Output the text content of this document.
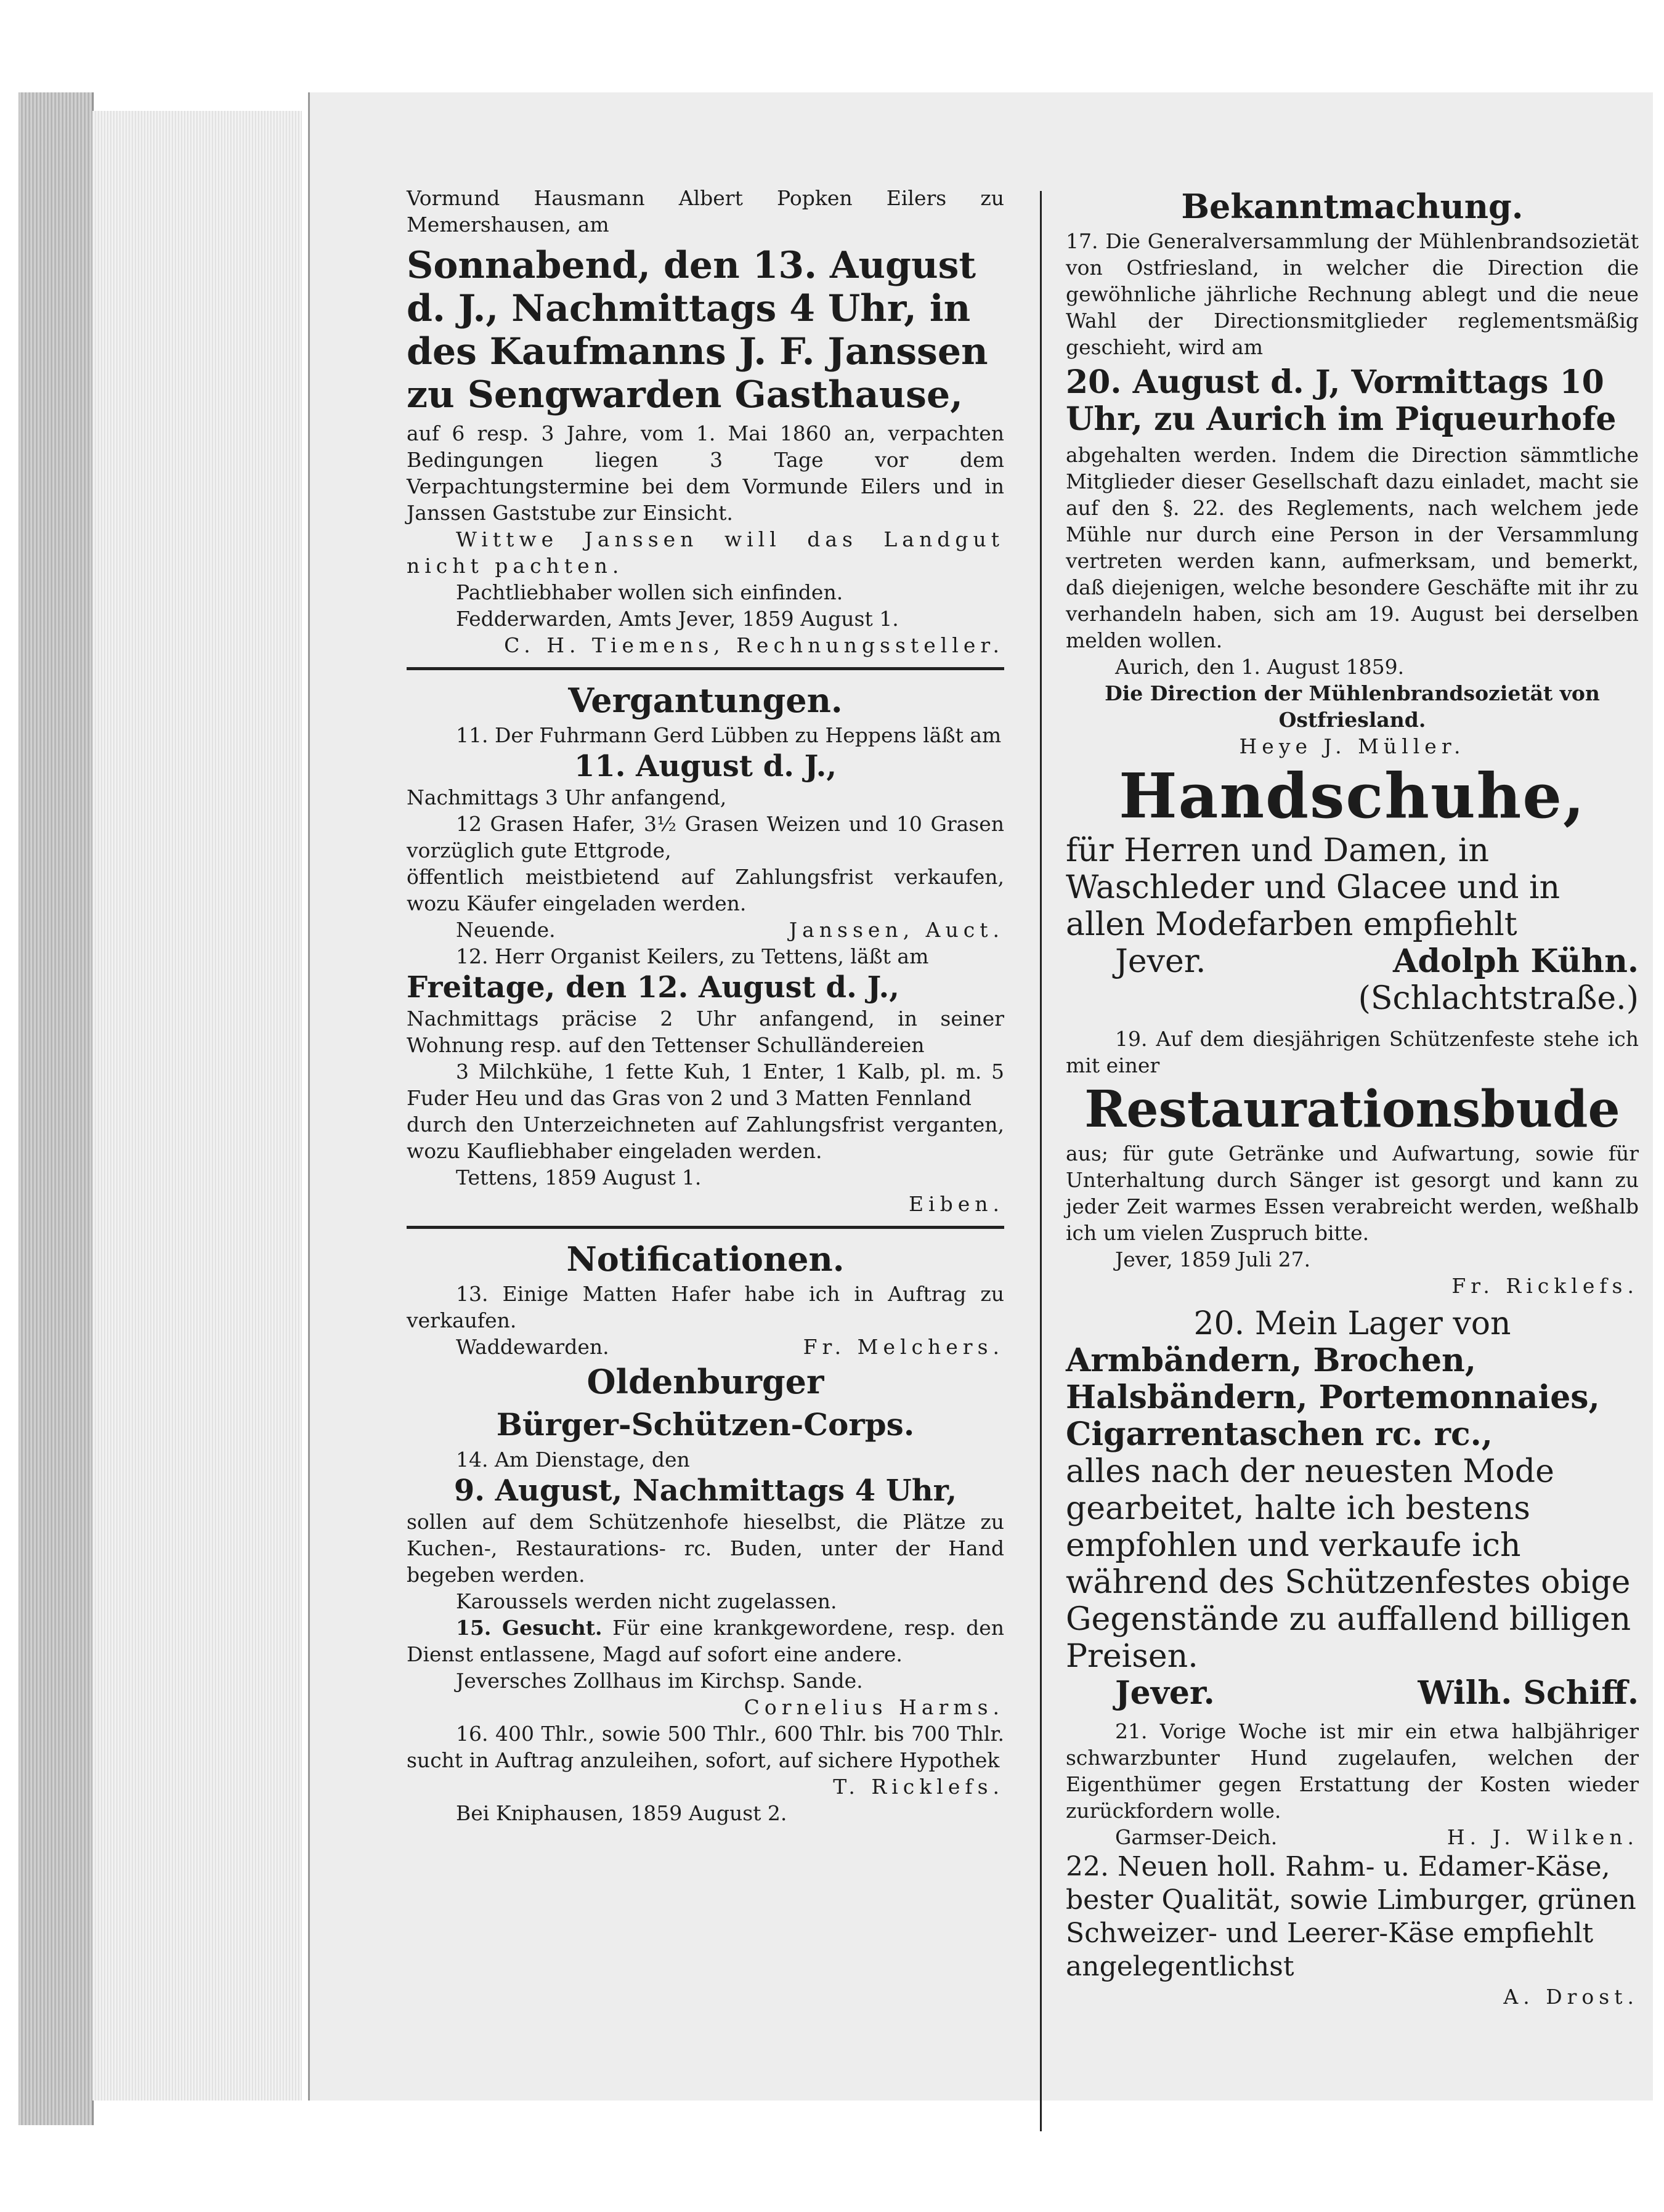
Vormund Hausmann Albert Popken Eilers zu Memershausen, am

Sonnabend, den 13. August d. J., Nachmittags 4 Uhr, in des Kaufmanns J. F. Janssen zu Sengwarden Gasthause,

auf 6 resp. 3 Jahre, vom 1. Mai 1860 an, verpachten Bedingungen liegen 3 Tage vor dem Verpachtungstermine bei dem Vormunde Eilers und in Janssen Gaststube zur Einsicht.

Wittwe Janssen will das Landgut nicht pachten.

Pachtliebhaber wollen sich einfinden.

Fedderwarden, Amts Jever, 1859 August 1.

C. H. Tiemens, Rechnungssteller.

Vergantungen.

11. Der Fuhrmann Gerd Lübben zu Heppens läßt am

11. August d. J.,

Nachmittags 3 Uhr anfangend,

12 Grasen Hafer, 3½ Grasen Weizen und 10 Grasen vorzüglich gute Ettgrode,

öffentlich meistbietend auf Zahlungsfrist verkaufen, wozu Käufer eingeladen werden.

Neuende.	Janssen, Auct.

12. Herr Organist Keilers, zu Tettens, läßt am

Freitage, den 12. August d. J.,

Nachmittags präcise 2 Uhr anfangend, in seiner Wohnung resp. auf den Tettenser Schulländereien

3 Milchkühe, 1 fette Kuh, 1 Enter, 1 Kalb, pl. m. 5 Fuder Heu und das Gras von 2 und 3 Matten Fennland

durch den Unterzeichneten auf Zahlungsfrist verganten, wozu Kaufliebhaber eingeladen werden.

Tettens, 1859 August 1.

Eiben.

Notificationen.

13. Einige Matten Hafer habe ich in Auftrag zu verkaufen.

Waddewarden.	Fr. Melchers.

Oldenburger

Bürger-Schützen-Corps.

14. Am Dienstage, den

9. August, Nachmittags 4 Uhr,

sollen auf dem Schützenhofe hieselbst, die Plätze zu Kuchen-, Restaurations- rc. Buden, unter der Hand begeben werden.

Karoussels werden nicht zugelassen.

15. Gesucht. Für eine krankgewordene, resp. den Dienst entlassene, Magd auf sofort eine andere.

Jeversches Zollhaus im Kirchsp. Sande.

Cornelius Harms.

16. 400 Thlr., sowie 500 Thlr., 600 Thlr. bis 700 Thlr. sucht in Auftrag anzuleihen, sofort, auf sichere Hypothek

T. Ricklefs.

Bei Kniphausen, 1859 August 2.

Bekanntmachung.

17. Die Generalversammlung der Mühlenbrandsozietät von Ostfriesland, in welcher die Direction die gewöhnliche jährliche Rechnung ablegt und die neue Wahl der Directionsmitglieder reglementsmäßig geschieht, wird am

20. August d. J, Vormittags 10 Uhr, zu Aurich im Piqueurhofe

abgehalten werden. Indem die Direction sämmtliche Mitglieder dieser Gesellschaft dazu einladet, macht sie auf den §. 22. des Reglements, nach welchem jede Mühle nur durch eine Person in der Versammlung vertreten werden kann, aufmerksam, und bemerkt, daß diejenigen, welche besondere Geschäfte mit ihr zu verhandeln haben, sich am 19. August bei derselben melden wollen.

Aurich, den 1. August 1859.

Die Direction der Mühlenbrandsozietät von Ostfriesland.

Heye J. Müller.

Handschuhe,

für Herren und Damen, in Waschleder und Glacee und in allen Modefarben empfiehlt

Jever.	Adolph Kühn.

(Schlachtstraße.)

19. Auf dem diesjährigen Schützenfeste stehe ich mit einer

Restaurationsbude

aus; für gute Getränke und Aufwartung, sowie für Unterhaltung durch Sänger ist gesorgt und kann zu jeder Zeit warmes Essen verabreicht werden, weßhalb ich um vielen Zuspruch bitte.

Jever, 1859 Juli 27.

Fr. Ricklefs.

20. Mein Lager von

Armbändern, Brochen, Halsbändern, Portemonnaies, Cigarrentaschen rc. rc.,

alles nach der neuesten Mode gearbeitet, halte ich bestens empfohlen und verkaufe ich während des Schützenfestes obige Gegenstände zu auffallend billigen Preisen.

Jever.	Wilh. Schiff.

21. Vorige Woche ist mir ein etwa halbjähriger schwarzbunter Hund zugelaufen, welchen der Eigenthümer gegen Erstattung der Kosten wieder zurückfordern wolle.

Garmser-Deich.	H. J. Wilken.

22. Neuen holl. Rahm- u. Edamer-Käse, bester Qualität, sowie Limburger, grünen Schweizer- und Leerer-Käse empfiehlt angelegentlichst

A. Drost.
